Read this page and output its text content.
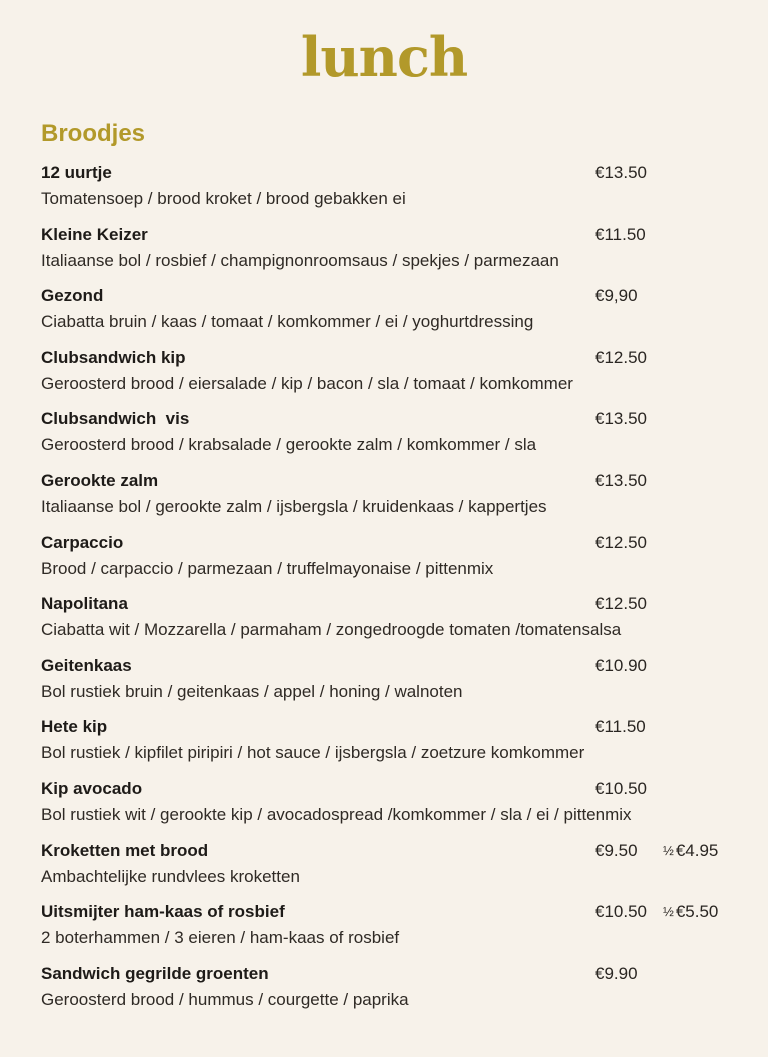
lunch
Broodjes
12 uurtje	€13.50
Tomatensoep / brood kroket / brood gebakken ei
Kleine Keizer	€11.50
Italiaanse bol / rosbief / champignonroomsaus / spekjes / parmezaan
Gezond	€9,90
Ciabatta bruin / kaas / tomaat / komkommer / ei / yoghurtdressing
Clubsandwich kip	€12.50
Geroosterd brood / eiersalade / kip / bacon / sla / tomaat / komkommer
Clubsandwich  vis	€13.50
Geroosterd brood / krabsalade / gerookte zalm / komkommer / sla
Gerookte zalm	€13.50
Italiaanse bol / gerookte zalm / ijsbergsla / kruidenkaas / kappertjes
Carpaccio	€12.50
Brood / carpaccio / parmezaan / truffelmayonaise / pittenmix
Napolitana	€12.50
Ciabatta wit / Mozzarella / parmaham / zongedroogde tomaten /tomatensalsa
Geitenkaas	€10.90
Bol rustiek bruin / geitenkaas / appel / honing / walnoten
Hete kip	€11.50
Bol rustiek / kipfilet piripiri / hot sauce / ijsbergsla / zoetzure komkommer
Kip avocado	€10.50
Bol rustiek wit / gerookte kip / avocadospread /komkommer / sla / ei / pittenmix
Kroketten met brood	€9.50 ½ €4.95
Ambachtelijke rundvlees kroketten
Uitsmijter ham-kaas of rosbief	€10.50 ½ €5.50
2 boterhammen / 3 eieren / ham-kaas of rosbief
Sandwich gegrilde groenten	€9.90
Geroosterd brood / hummus / courgette / paprika
